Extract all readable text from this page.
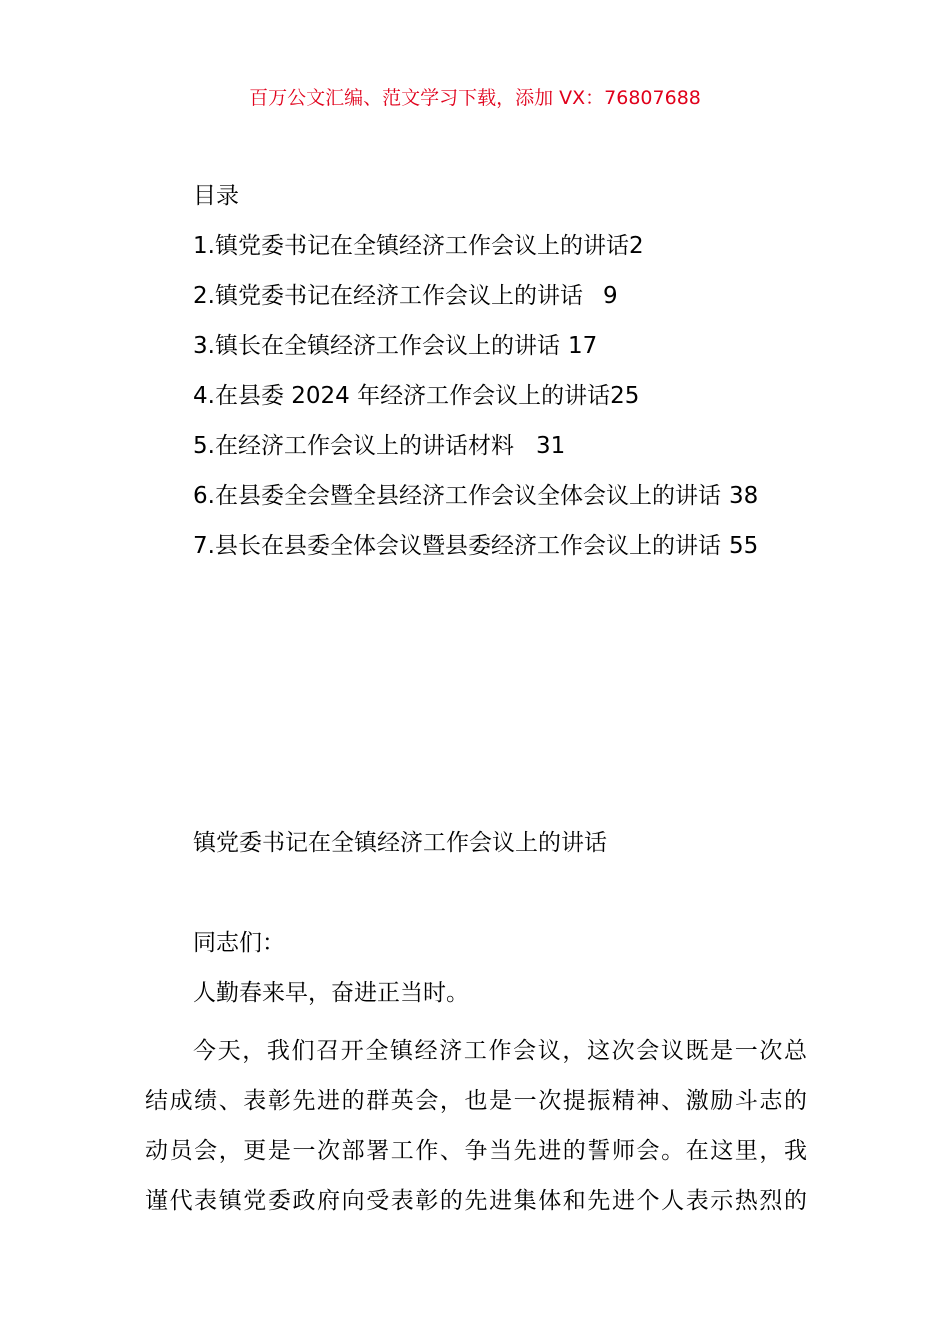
百万公文汇编、范文学习下载，添加 VX：76807688
目录
1.镇党委书记在全镇经济工作会议上的讲话2
2.镇党委书记在经济工作会议上的讲话 9
3.镇长在全镇经济工作会议上的讲话 17
4.在县委 2024 年经济工作会议上的讲话25
5.在经济工作会议上的讲话材料 31
6.在县委全会暨全县经济工作会议全体会议上的讲话 38
7.县长在县委全体会议暨县委经济工作会议上的讲话 55
镇党委书记在全镇经济工作会议上的讲话
同志们：
人勤春来早，奋进正当时。
今天，我们召开全镇经济工作会议，这次会议既是一次总
结成绩、表彰先进的群英会，也是一次提振精神、激励斗志的
动员会，更是一次部署工作、争当先进的誓师会。在这里，我
谨代表镇党委政府向受表彰的先进集体和先进个人表示热烈的
